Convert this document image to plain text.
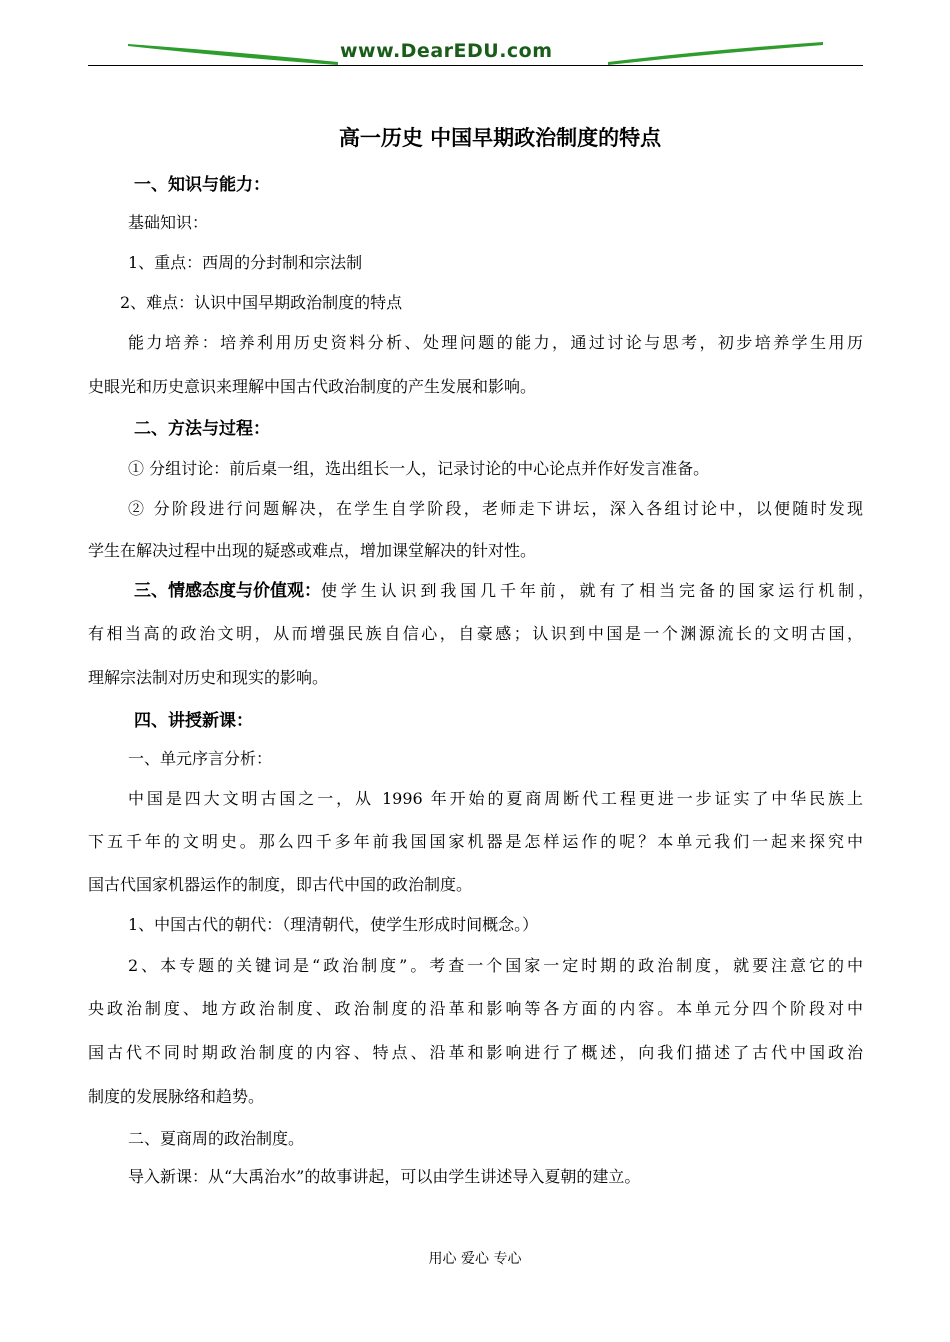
www.DearEDU.com
高一历史 中国早期政治制度的特点
一、知识与能力：
基础知识：
1、重点：西周的分封制和宗法制
2、难点：认识中国早期政治制度的特点
能力培养：培养利用历史资料分析、处理问题的能力，通过讨论与思考，初步培养学生用历
史眼光和历史意识来理解中国古代政治制度的产生发展和影响。
二、方法与过程：
① 分组讨论：前后桌一组，选出组长一人，记录讨论的中心论点并作好发言准备。
② 分阶段进行问题解决，在学生自学阶段，老师走下讲坛，深入各组讨论中，以便随时发现
学生在解决过程中出现的疑惑或难点，增加课堂解决的针对性。
三、情感态度与价值观： 使学生认识到我国几千年前，就有了相当完备的国家运行机制，
有相当高的政治文明，从而增强民族自信心，自豪感；认识到中国是一个渊源流长的文明古国，
理解宗法制对历史和现实的影响。
四、讲授新课：
一、单元序言分析：
中国是四大文明古国之一，从 1996 年开始的夏商周断代工程更进一步证实了中华民族上
下五千年的文明史。那么四千多年前我国国家机器是怎样运作的呢？本单元我们一起来探究中
国古代国家机器运作的制度，即古代中国的政治制度。
1、中国古代的朝代：（理清朝代，使学生形成时间概念。）
2、本专题的关键词是“政治制度”。考查一个国家一定时期的政治制度，就要注意它的中
央政治制度、地方政治制度、政治制度的沿革和影响等各方面的内容。本单元分四个阶段对中
国古代不同时期政治制度的内容、特点、沿革和影响进行了概述，向我们描述了古代中国政治
制度的发展脉络和趋势。
二、夏商周的政治制度。
导入新课：从“大禹治水”的故事讲起，可以由学生讲述导入夏朝的建立。
用心 爱心 专心
